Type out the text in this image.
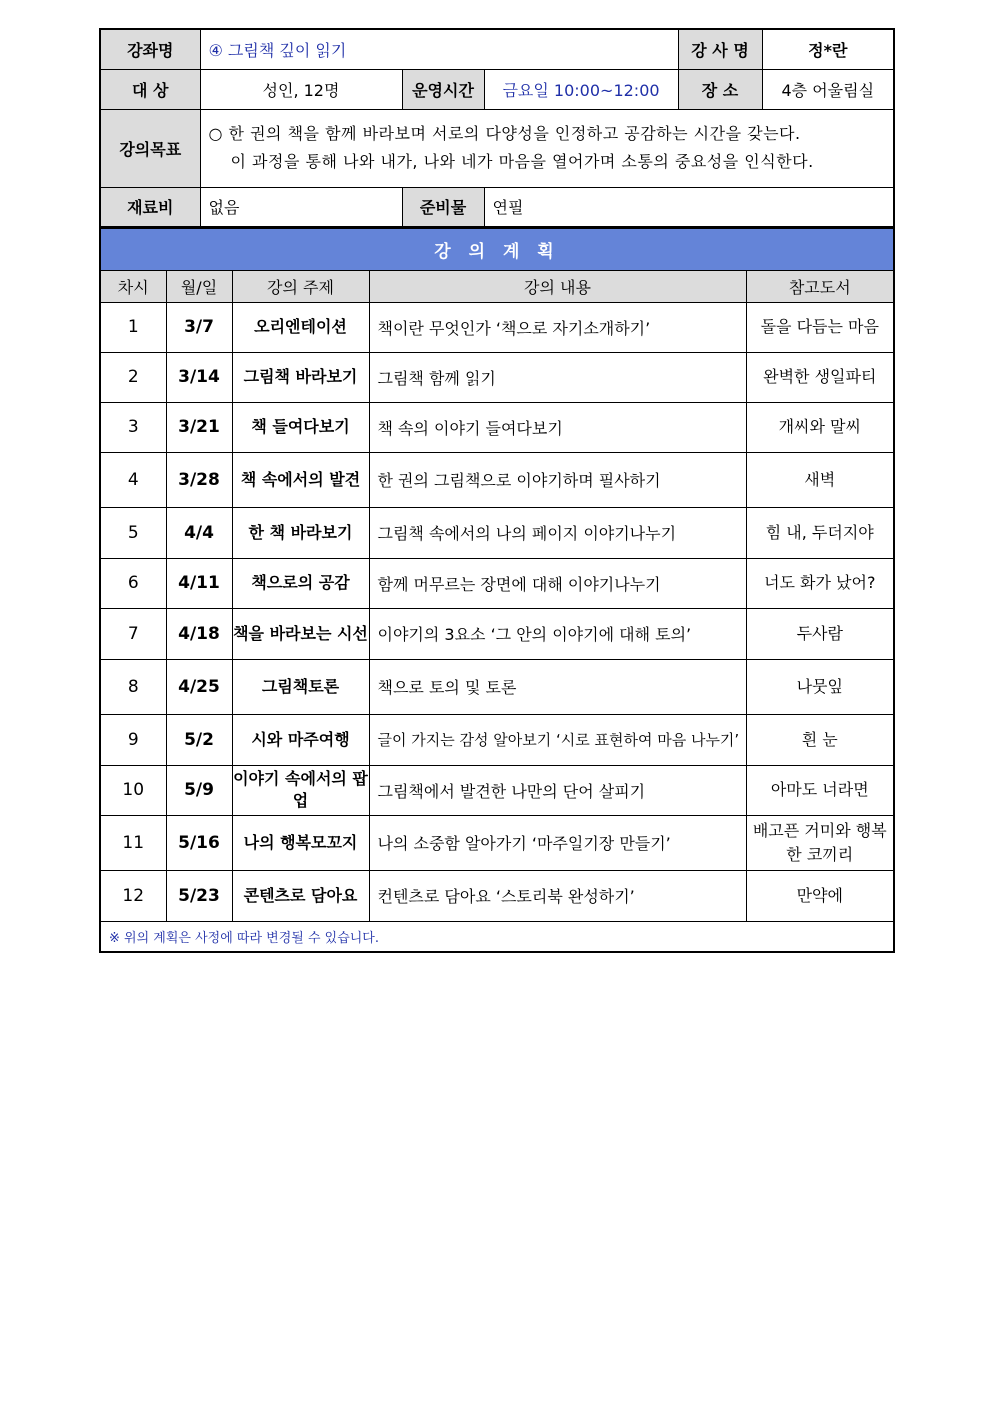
강좌명	④ 그림책 깊이 읽기			강 사 명	정*란
대 상	성인, 12명	운영시간	금요일 10:00~12:00	장 소	4층 어울림실
강의목표	○ 한 권의 책을 함께 바라보며 서로의 다양성을 인정하고 공감하는 시간을 갖는다.
이 과정을 통해 나와 내가, 나와 네가 마음을 열어가며 소통의 중요성을 인식한다.				

재료비	없음	준비물	연필		
강 의 계 획				
차시	월/일	강의 주제	강의 내용	참고도서
1	3/7	오리엔테이션	책이란 무엇인가 ‘책으로 자기소개하기’	돌을 다듬는 마음
2	3/14	그림책 바라보기	그림책 함께 읽기	완벽한 생일파티
3	3/21	책 들여다보기	책 속의 이야기 들여다보기	개씨와 말씨
4	3/28	책 속에서의 발견	한 권의 그림책으로 이야기하며 필사하기	새벽
5	4/4	한 책 바라보기	그림책 속에서의 나의 페이지 이야기나누기	힘 내, 두더지야
6	4/11	책으로의 공감	함께 머무르는 장면에 대해 이야기나누기	너도 화가 났어?
7	4/18	책을 바라보는 시선	이야기의 3요소 ‘그 안의 이야기에 대해 토의’	두사람
8	4/25	그림책토론	책으로 토의 및 토론	나뭇잎
9	5/2	시와 마주여행	글이 가지는 감성 알아보기 ‘시로 표현하여 마음 나누기’	흰 눈
10	5/9	이야기 속에서의 팝업	그림책에서 발견한 나만의 단어 살피기	아마도 너라면
11	5/16	나의 행복모꼬지	나의 소중함 알아가기 ‘마주일기장 만들기’	배고픈 거미와 행복한 코끼리
12	5/23	콘텐츠로 담아요	컨텐츠로 담아요 ‘스토리북 완성하기’	만약에
※ 위의 계획은 사정에 따라 변경될 수 있습니다.				
